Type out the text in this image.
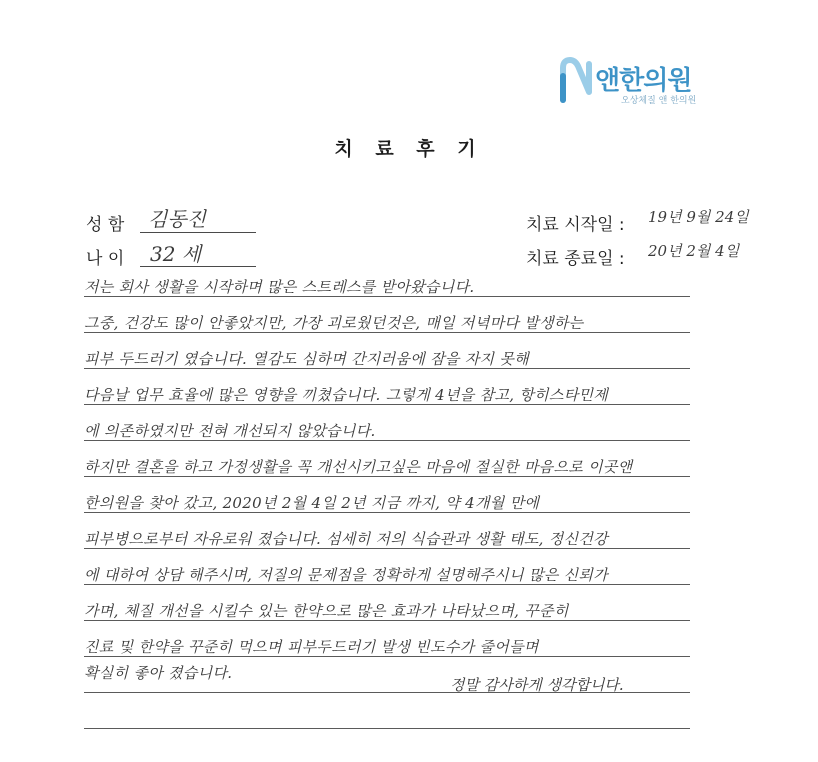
앤한의원
오상체질 앤 한의원
치 료 후 기
성 함 김동진
나 이 32 세
치료 시작일 : 19년 9월 24일
치료 종료일 : 20년 2월 4일
저는 회사 생활을 시작하며 많은 스트레스를 받아왔습니다.
그중, 건강도 많이 안좋았지만, 가장 괴로웠던것은, 매일 저녁마다 발생하는
피부 두드러기 였습니다. 열감도 심하며 간지러움에 잠을 자지 못해
다음날 업무 효율에 많은 영향을 끼쳤습니다. 그렇게 4년을 참고, 항히스타민제
에 의존하였지만 전혀 개선되지 않았습니다.
하지만 결혼을 하고 가정생활을 꼭 개선시키고싶은 마음에 절실한 마음으로 이곳앤
한의원을 찾아 갔고, 2020년 2월 4일 2년 지금 까지, 약 4개월 만에
피부병으로부터 자유로워 졌습니다. 섬세히 저의 식습관과 생활 태도, 정신건강
에 대하여 상담 해주시며, 저질의 문제점을 정확하게 설명해주시니 많은 신뢰가
가며, 체질 개선을 시킬수 있는 한약으로 많은 효과가 나타났으며, 꾸준히
진료 및 한약을 꾸준히 먹으며 피부두드러기 발생 빈도수가 줄어들며
확실히 좋아 졌습니다.
정말 감사하게 생각합니다.
